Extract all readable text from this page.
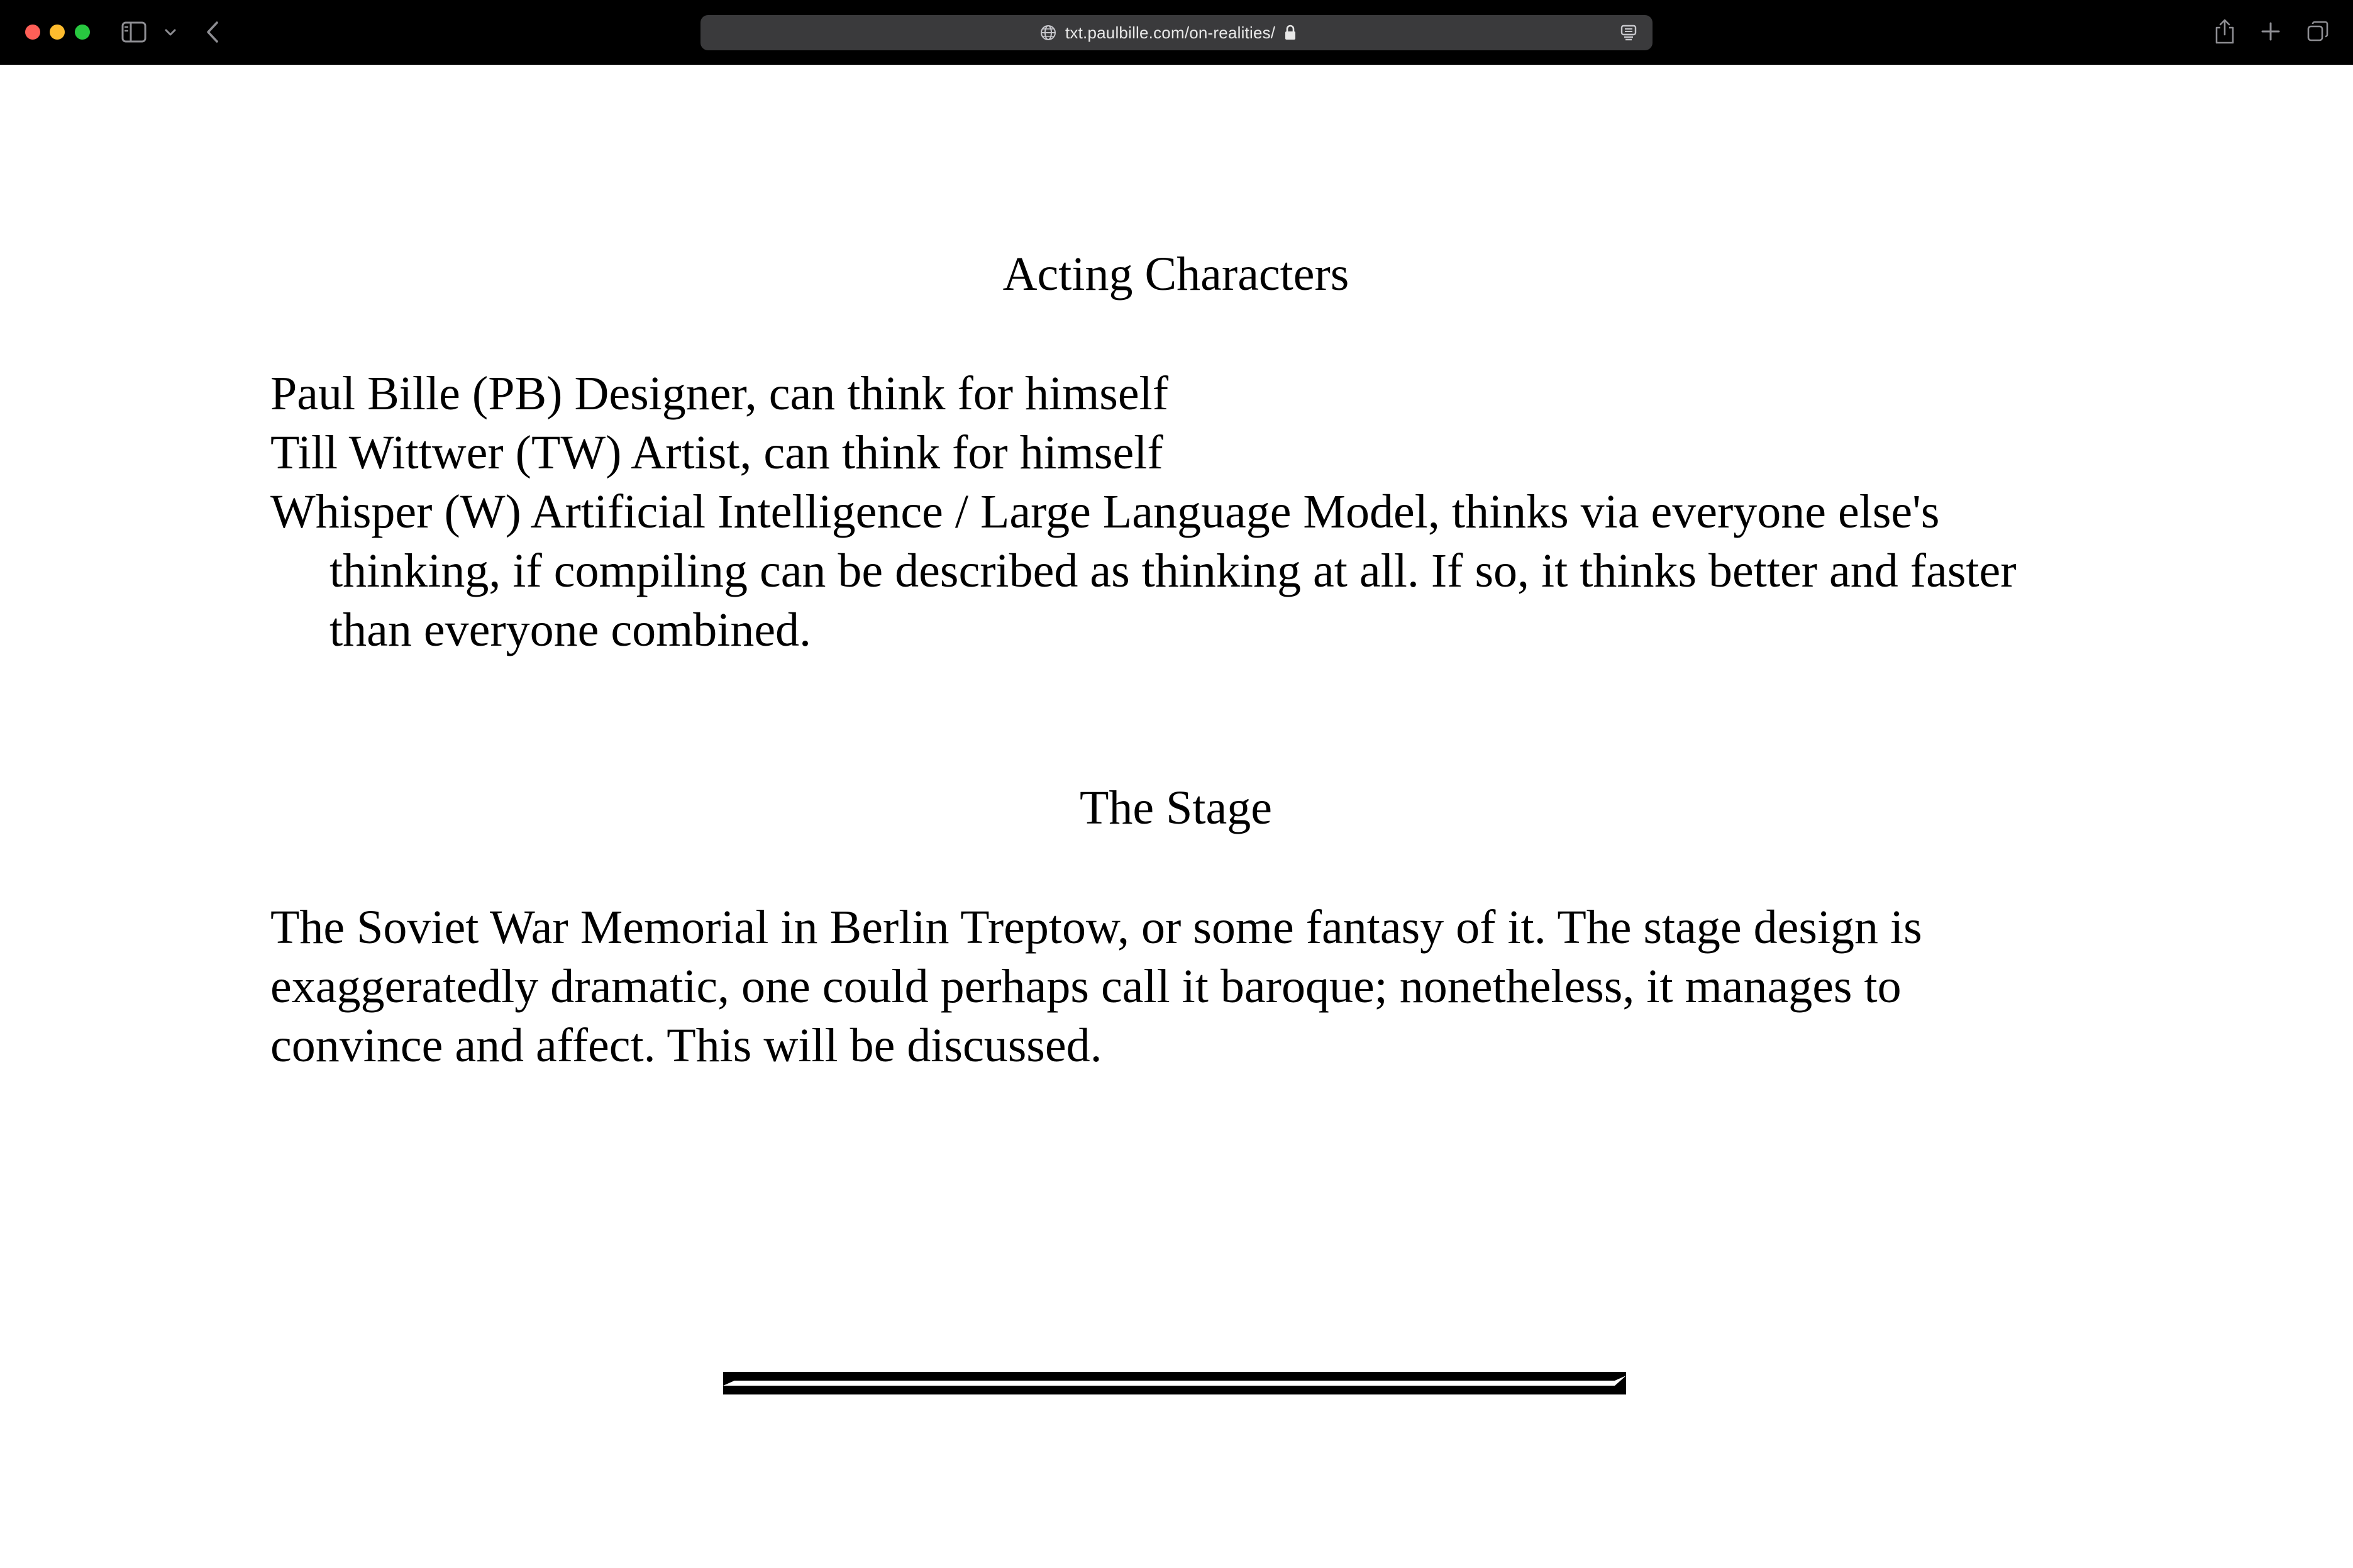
txt.paulbille.com/on-realities/
Acting Characters
Paul Bille (PB) Designer, can think for himself
Till Wittwer (TW) Artist, can think for himself
Whisper (W) Artificial Intelligence / Large Language Model, thinks via everyone else's thinking, if compiling can be described as thinking at all. If so, it thinks better and faster than everyone combined.
The Stage

The Soviet War Memorial in Berlin Treptow, or some fantasy of it. The stage design is exaggeratedly dramatic, one could perhaps call it baroque; nonetheless, it manages to convince and affect. This will be discussed.
